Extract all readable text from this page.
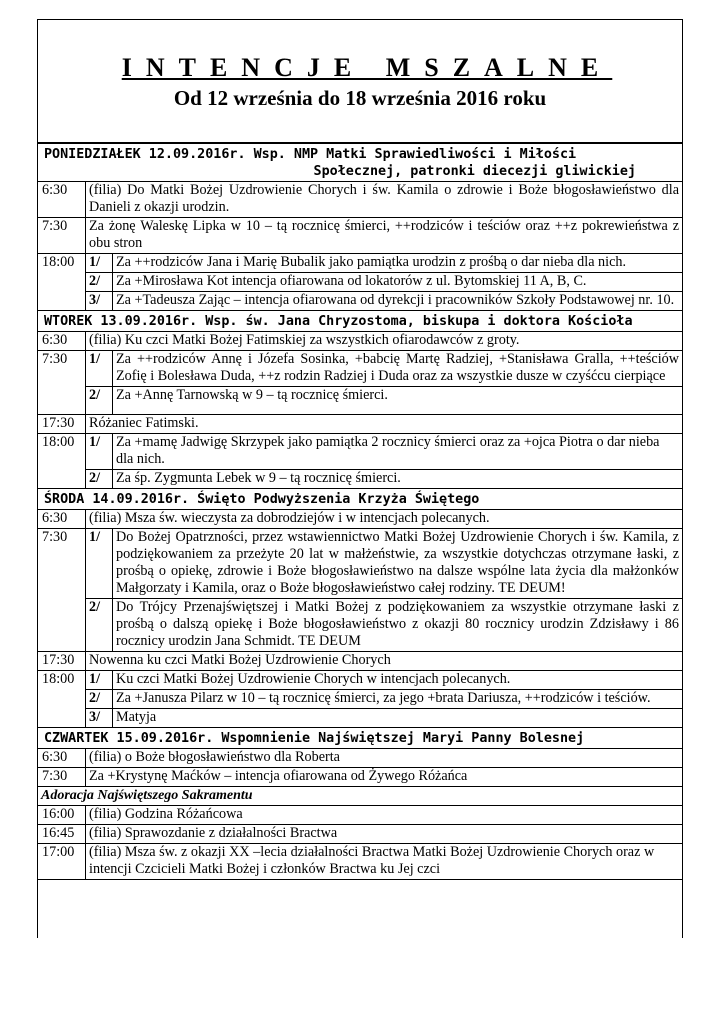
INTENCJE MSZALNE
Od 12 września do 18 września 2016 roku
PONIEDZIAŁEK 12.09.2016r. Wsp. NMP Matki Sprawiedliwości i Miłości
Społecznej, patronki diecezji gliwickiej		

6:30	(filia) Do Matki Bożej Uzdrowienie Chorych i św. Kamila o zdrowie i Boże błogosławieństwo dla Danieli z okazji urodzin.	
7:30	Za żonę Waleskę Lipka w 10 – tą rocznicę śmierci, ++rodziców i teściów oraz ++z pokrewieństwa z obu stron	
18:00	1/	Za ++rodziców Jana i Marię Bubalik jako pamiątka urodzin z prośbą o dar nieba dla nich.
	2/	Za +Mirosława Kot intencja ofiarowana od lokatorów z ul. Bytomskiej 11 A, B, C.
	3/	Za +Tadeusza Zając – intencja ofiarowana od dyrekcji i pracowników Szkoły Podstawowej nr. 10.
WTOREK 13.09.2016r. Wsp. św. Jana Chryzostoma, biskupa i doktora Kościoła		
6:30	(filia) Ku czci Matki Bożej Fatimskiej za wszystkich ofiarodawców z groty.	
7:30	1/	Za ++rodziców Annę i Józefa Sosinka, +babcię Martę Radziej, +Stanisława Gralla, ++teściów Zofię i Bolesława Duda, ++z rodzin Radziej i Duda oraz za wszystkie dusze w czyśćcu cierpiące
	2/	Za +Annę Tarnowską w 9 – tą rocznicę śmierci.
17:30	Różaniec Fatimski.	
18:00	1/	Za +mamę Jadwigę Skrzypek jako pamiątka 2 rocznicy śmierci oraz za +ojca Piotra o dar nieba dla nich.
	2/	Za śp. Zygmunta Lebek w 9 – tą rocznicę śmierci.
ŚRODA 14.09.2016r. Święto Podwyższenia Krzyża Świętego		
6:30	(filia) Msza św. wieczysta za dobrodziejów i w intencjach polecanych.	
7:30	1/	Do Bożej Opatrzności, przez wstawiennictwo Matki Bożej Uzdrowienie Chorych i św. Kamila, z podziękowaniem za przeżyte 20 lat w małżeństwie, za wszystkie dotychczas otrzymane łaski, z prośbą o opiekę, zdrowie i Boże błogosławieństwo na dalsze wspólne lata życia dla małżonków Małgorzaty i Kamila, oraz o Boże błogosławieństwo całej rodziny. TE DEUM!
	2/	Do Trójcy Przenajświętszej i Matki Bożej z podziękowaniem za wszystkie otrzymane łaski z prośbą o dalszą opiekę i Boże błogosławieństwo z okazji 80 rocznicy urodzin Zdzisławy i 86 rocznicy urodzin Jana Schmidt. TE DEUM
17:30	Nowenna ku czci Matki Bożej Uzdrowienie Chorych	
18:00	1/	Ku czci Matki Bożej Uzdrowienie Chorych w intencjach polecanych.
	2/	Za +Janusza Pilarz w 10 – tą rocznicę śmierci, za jego +brata Dariusza, ++rodziców i teściów.
	3/	Matyja
CZWARTEK 15.09.2016r. Wspomnienie Najświętszej Maryi Panny Bolesnej		
6:30	(filia) o Boże błogosławieństwo dla Roberta	
7:30	Za +Krystynę Maćków – intencja ofiarowana od Żywego Różańca	
Adoracja Najświętszego Sakramentu		
16:00	(filia) Godzina Różańcowa	
16:45	(filia) Sprawozdanie z działalności Bractwa	
17:00	(filia) Msza św. z okazji XX –lecia działalności Bractwa Matki Bożej Uzdrowienie Chorych oraz w intencji Czcicieli Matki Bożej i członków Bractwa ku Jej czci	
